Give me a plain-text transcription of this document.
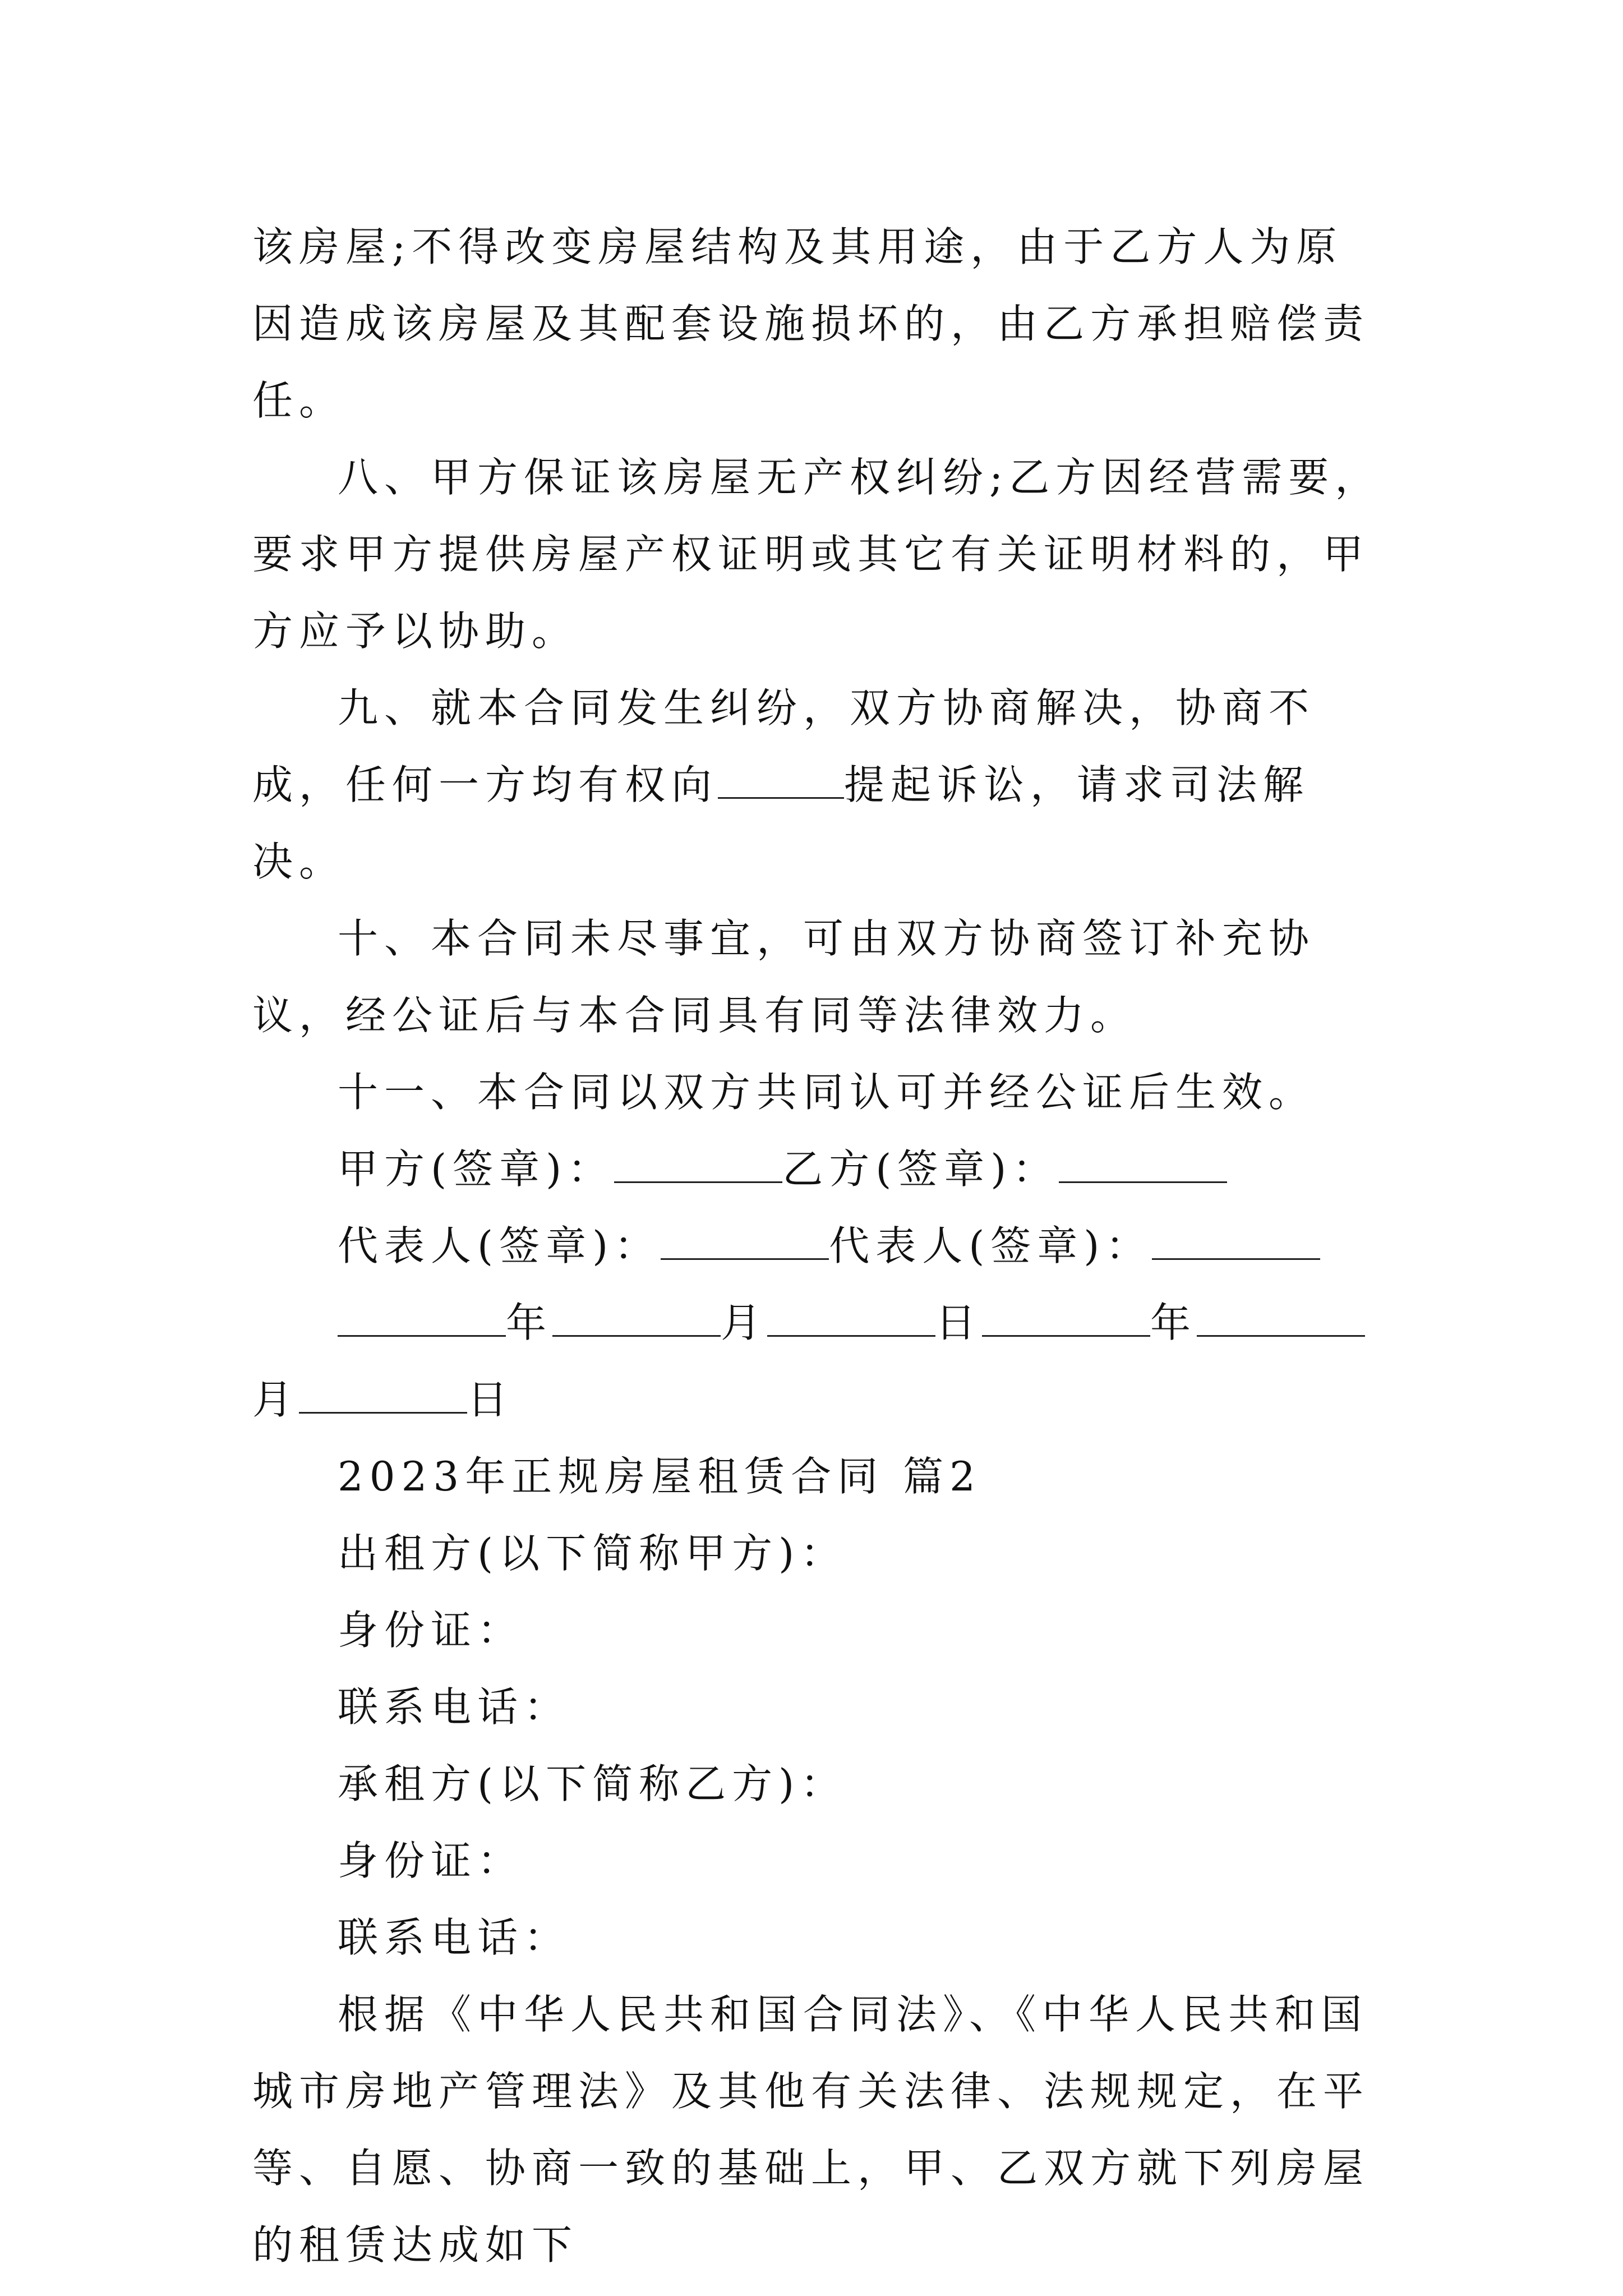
该房屋;不得改变房屋结构及其用途，由于乙方人为原因造成该房屋及其配套设施损坏的，由乙方承担赔偿责任。

八、甲方保证该房屋无产权纠纷;乙方因经营需要，要求甲方提供房屋产权证明或其它有关证明材料的，甲方应予以协助。

九、就本合同发生纠纷，双方协商解决，协商不成，任何一方均有权向	提起诉讼，请求司法解决。

十、本合同未尽事宜，可由双方协商签订补充协议，经公证后与本合同具有同等法律效力。

十一、本合同以双方共同认可并经公证后生效。

甲方(签章)：	乙方(签章)：

代表人(签章)：	代表人(签章)：

年	月	日	年月	日

2023年正规房屋租赁合同 篇2

出租方(以下简称甲方)：

身份证：

联系电话：

承租方(以下简称乙方)：

身份证：

联系电话：

根据《中华人民共和国合同法》、《中华人民共和国城市房地产管理法》及其他有关法律、法规规定，在平等、自愿、协商一致的基础上，甲、乙双方就下列房屋的租赁达成如下
